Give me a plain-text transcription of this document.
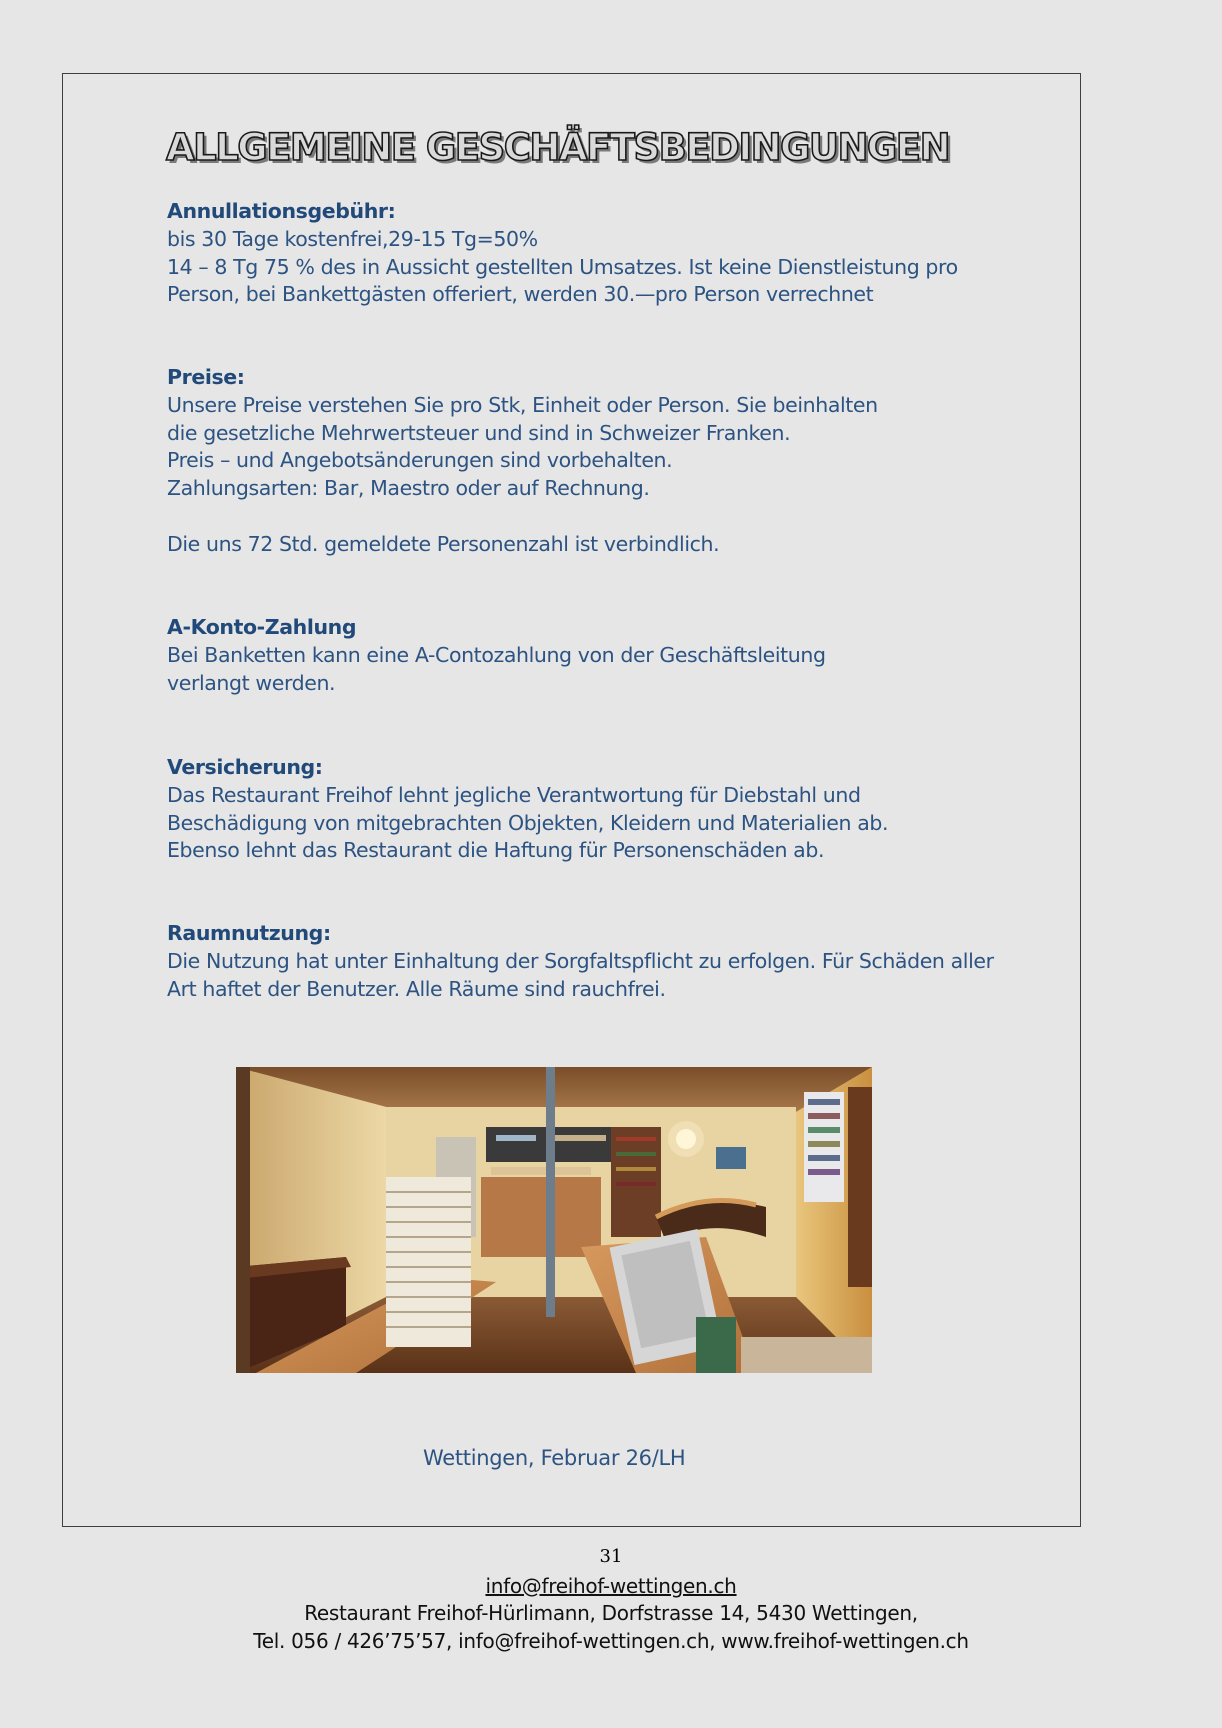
ALLGEMEINE GESCHÄFTSBEDINGUNGEN
Annullationsgebühr:
bis 30 Tage kostenfrei,29-15 Tg=50%
14 – 8 Tg 75 % des in Aussicht gestellten Umsatzes. Ist keine Dienstleistung pro
Person, bei Bankettgästen offeriert, werden 30.—pro Person verrechnet
Preise:
Unsere Preise verstehen Sie pro Stk, Einheit oder Person. Sie beinhalten
die gesetzliche Mehrwertsteuer und sind in Schweizer Franken.
Preis – und Angebotsänderungen sind vorbehalten.
Zahlungsarten: Bar, Maestro oder auf Rechnung.
Die uns 72 Std. gemeldete Personenzahl ist verbindlich.
A-Konto-Zahlung
Bei Banketten kann eine A-Contozahlung von der Geschäftsleitung
verlangt werden.
Versicherung:
Das Restaurant Freihof lehnt jegliche Verantwortung für Diebstahl und
Beschädigung von mitgebrachten Objekten, Kleidern und Materialien ab.
Ebenso lehnt das Restaurant die Haftung für Personenschäden ab.
Raumnutzung:
Die Nutzung hat unter Einhaltung der Sorgfaltspflicht zu erfolgen. Für Schäden aller
Art haftet der Benutzer. Alle Räume sind rauchfrei.
Wettingen, Februar 26/LH
31
info@freihof-wettingen.ch
Restaurant Freihof-Hürlimann, Dorfstrasse 14, 5430 Wettingen,
Tel. 056 / 426’75’57, info@freihof-wettingen.ch, www.freihof-wettingen.ch
